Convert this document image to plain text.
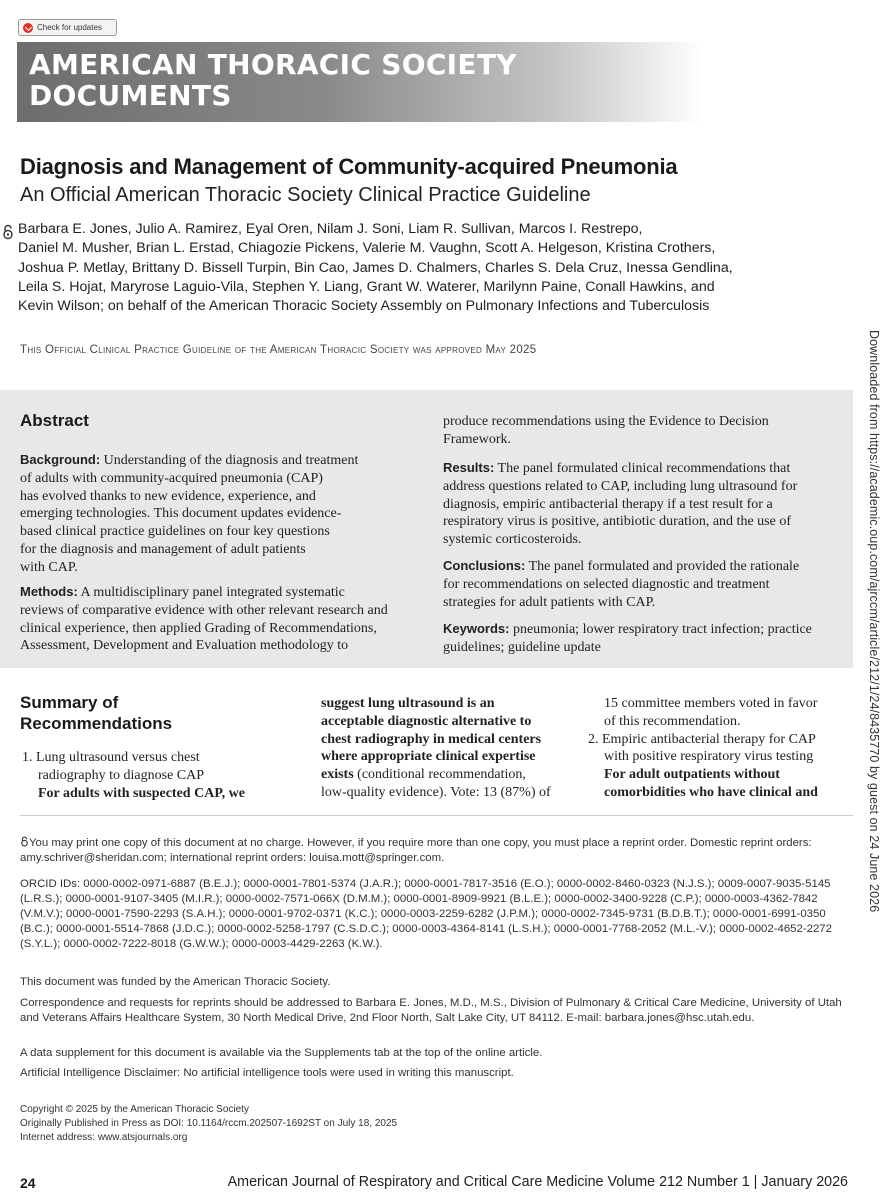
Check for updates
AMERICAN THORACIC SOCIETY
DOCUMENTS
Diagnosis and Management of Community-acquired Pneumonia
An Official American Thoracic Society Clinical Practice Guideline
Barbara E. Jones, Julio A. Ramirez, Eyal Oren, Nilam J. Soni, Liam R. Sullivan, Marcos I. Restrepo,
Daniel M. Musher, Brian L. Erstad, Chiagozie Pickens, Valerie M. Vaughn, Scott A. Helgeson, Kristina Crothers,
Joshua P. Metlay, Brittany D. Bissell Turpin, Bin Cao, James D. Chalmers, Charles S. Dela Cruz, Inessa Gendlina,
Leila S. Hojat, Maryrose Laguio-Vila, Stephen Y. Liang, Grant W. Waterer, Marilynn Paine, Conall Hawkins, and
Kevin Wilson; on behalf of the American Thoracic Society Assembly on Pulmonary Infections and Tuberculosis
This Official Clinical Practice Guideline of the American Thoracic Society was approved May 2025	Downloaded from https://academic.oup.com/ajrccm/article/212/1/24/8435770 by guest on 24 June 2026
Abstract
Background: Understanding of the diagnosis and treatment
of adults with community-acquired pneumonia (CAP)
has evolved thanks to new evidence, experience, and
emerging technologies. This document updates evidence-
based clinical practice guidelines on four key questions
for the diagnosis and management of adult patients
with CAP.
Methods: A multidisciplinary panel integrated systematic
reviews of comparative evidence with other relevant research and
clinical experience, then applied Grading of Recommendations,
Assessment, Development and Evaluation methodology to
produce recommendations using the Evidence to Decision
Framework.
Results: The panel formulated clinical recommendations that
address questions related to CAP, including lung ultrasound for
diagnosis, empiric antibacterial therapy if a test result for a
respiratory virus is positive, antibiotic duration, and the use of
systemic corticosteroids.
Conclusions: The panel formulated and provided the rationale
for recommendations on selected diagnostic and treatment
strategies for adult patients with CAP.
Keywords: pneumonia; lower respiratory tract infection; practice
guidelines; guideline update
Summary of
Recommendations
1. Lung ultrasound versus chest
radiography to diagnose CAP
For adults with suspected CAP, we
suggest lung ultrasound is an
acceptable diagnostic alternative to
chest radiography in medical centers
where appropriate clinical expertise
exists (conditional recommendation,
low-quality evidence). Vote: 13 (87%) of
15 committee members voted in favor
of this recommendation.
2. Empiric antibacterial therapy for CAP
with positive respiratory virus testing
For adult outpatients without
comorbidities who have clinical and
You may print one copy of this document at no charge. However, if you require more than one copy, you must place a reprint order. Domestic reprint orders: amy.schriver@sheridan.com; international reprint orders: louisa.mott@springer.com.
ORCID IDs: 0000-0002-0971-6887 (B.E.J.); 0000-0001-7801-5374 (J.A.R.); 0000-0001-7817-3516 (E.O.); 0000-0002-8460-0323 (N.J.S.); 0009-0007-9035-5145 (L.R.S.); 0000-0001-9107-3405 (M.I.R.); 0000-0002-7571-066X (D.M.M.); 0000-0001-8909-9921 (B.L.E.); 0000-0002-3400-9228 (C.P.); 0000-0003-4362-7842 (V.M.V.); 0000-0001-7590-2293 (S.A.H.); 0000-0001-9702-0371 (K.C.); 0000-0003-2259-6282 (J.P.M.); 0000-0002-7345-9731 (B.D.B.T.); 0000-0001-6991-0350 (B.C.); 0000-0001-5514-7868 (J.D.C.); 0000-0002-5258-1797 (C.S.D.C.); 0000-0003-4364-8141 (L.S.H.); 0000-0001-7768-2052 (M.L.-V.); 0000-0002-4652-2272 (S.Y.L.); 0000-0002-7222-8018 (G.W.W.); 0000-0003-4429-2263 (K.W.).
This document was funded by the American Thoracic Society.
Correspondence and requests for reprints should be addressed to Barbara E. Jones, M.D., M.S., Division of Pulmonary & Critical Care Medicine, University of Utah and Veterans Affairs Healthcare System, 30 North Medical Drive, 2nd Floor North, Salt Lake City, UT 84112. E-mail: barbara.jones@hsc.utah.edu.
A data supplement for this document is available via the Supplements tab at the top of the online article.
Artificial Intelligence Disclaimer: No artificial intelligence tools were used in writing this manuscript.
Copyright © 2025 by the American Thoracic Society
Originally Published in Press as DOI: 10.1164/rccm.202507-1692ST on July 18, 2025
Internet address: www.atsjournals.org
24	American Journal of Respiratory and Critical Care Medicine Volume 212 Number 1 | January 2026
